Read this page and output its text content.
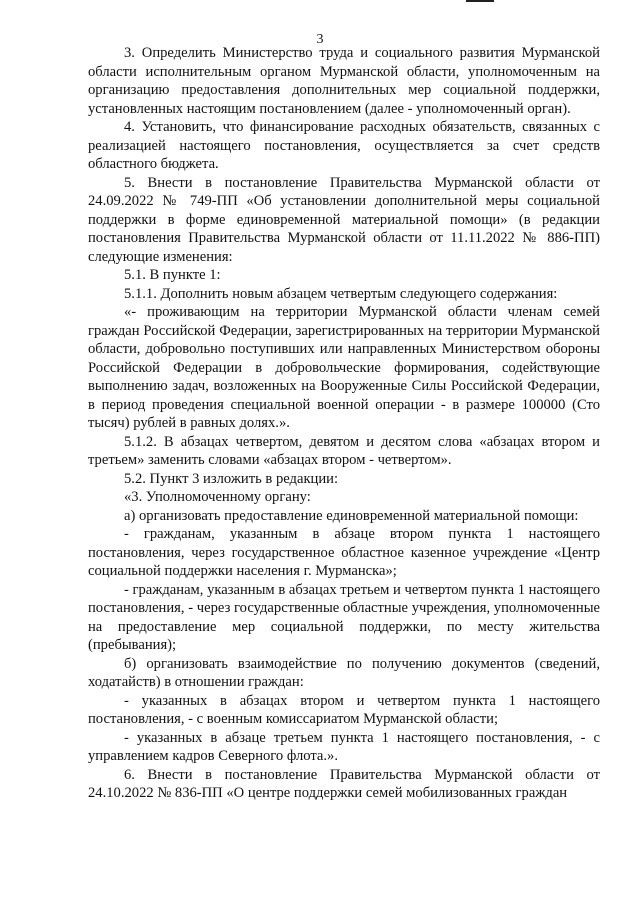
3

3. Определить Министерство труда и социального развития Мурманской области исполнительным органом Мурманской области, уполномоченным на организацию предоставления дополнительных мер социальной поддержки, установленных настоящим постановлением (далее - уполномоченный орган).

4. Установить, что финансирование расходных обязательств, связанных с реализацией настоящего постановления, осуществляется за счет средств областного бюджета.

5. Внести в постановление Правительства Мурманской области от 24.09.2022 № 749-ПП «Об установлении дополнительной меры социальной поддержки в форме единовременной материальной помощи» (в редакции постановления Правительства Мурманской области от 11.11.2022 № 886-ПП) следующие изменения:

5.1. В пункте 1:

5.1.1. Дополнить новым абзацем четвертым следующего содержания:

«- проживающим на территории Мурманской области членам семей граждан Российской Федерации, зарегистрированных на территории Мурманской области, добровольно поступивших или направленных Министерством обороны Российской Федерации в добровольческие формирования, содействующие выполнению задач, возложенных на Вооруженные Силы Российской Федерации, в период проведения специальной военной операции - в размере 100000 (Сто тысяч) рублей в равных долях.».

5.1.2. В абзацах четвертом, девятом и десятом слова «абзацах втором и третьем» заменить словами «абзацах втором - четвертом».

5.2. Пункт 3 изложить в редакции:

«3. Уполномоченному органу:

а) организовать предоставление единовременной материальной помощи:

- гражданам, указанным в абзаце втором пункта 1 настоящего постановления, через государственное областное казенное учреждение «Центр социальной поддержки населения г. Мурманска»;

- гражданам, указанным в абзацах третьем и четвертом пункта 1 настоящего постановления, - через государственные областные учреждения, уполномоченные на предоставление мер социальной поддержки, по месту жительства (пребывания);

б) организовать взаимодействие по получению документов (сведений, ходатайств) в отношении граждан:

- указанных в абзацах втором и четвертом пункта 1 настоящего постановления, - с военным комиссариатом Мурманской области;

- указанных в абзаце третьем пункта 1 настоящего постановления, - с управлением кадров Северного флота.».

6. Внести в постановление Правительства Мурманской области от 24.10.2022 № 836-ПП «О центре поддержки семей мобилизованных граждан
